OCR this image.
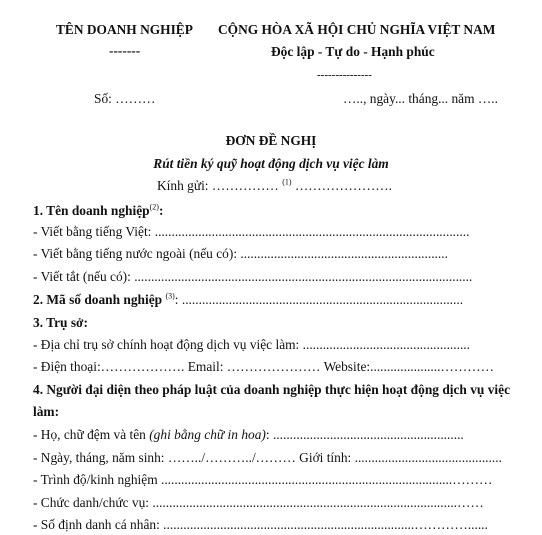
TÊN DOANH NGHIỆP
-------
CỘNG HÒA XÃ HỘI CHỦ NGHĨA VIỆT NAM
Độc lập - Tự do - Hạnh phúc
---------------
Số: ………	….., ngày... tháng... năm …..
ĐƠN ĐỀ NGHỊ
Rút tiền ký quỹ hoạt động dịch vụ việc làm
Kính gửi: …………… $^{(1)}$ ………………….
1. Tên doanh nghiệp$^{(2)}$:
- Viết bằng tiếng Việt: ..............................................................................................
- Viết bằng tiếng nước ngoài (nếu có): ..............................................................
- Viết tắt (nếu có): .....................................................................................................
2. Mã số doanh nghiệp $^{(3)}$: ....................................................................................
3. Trụ sở:
- Địa chỉ trụ sở chính hoạt động dịch vụ việc làm: ..................................................
- Điện thoại:………………. Email: ………………… Website:.....................…………
4. Người đại diện theo pháp luật của doanh nghiệp thực hiện hoạt động dịch vụ việc
làm:
- Họ, chữ đệm và tên (ghi bằng chữ in hoa): .........................................................
- Ngày, tháng, năm sinh: ……../………../……… Giới tính: ............................................
- Trình độ/kinh nghiệm .......................................................................................………
- Chức danh/chức vụ: ...........................................................................................……
- Số định danh cá nhân: ...........................................................................…………......
